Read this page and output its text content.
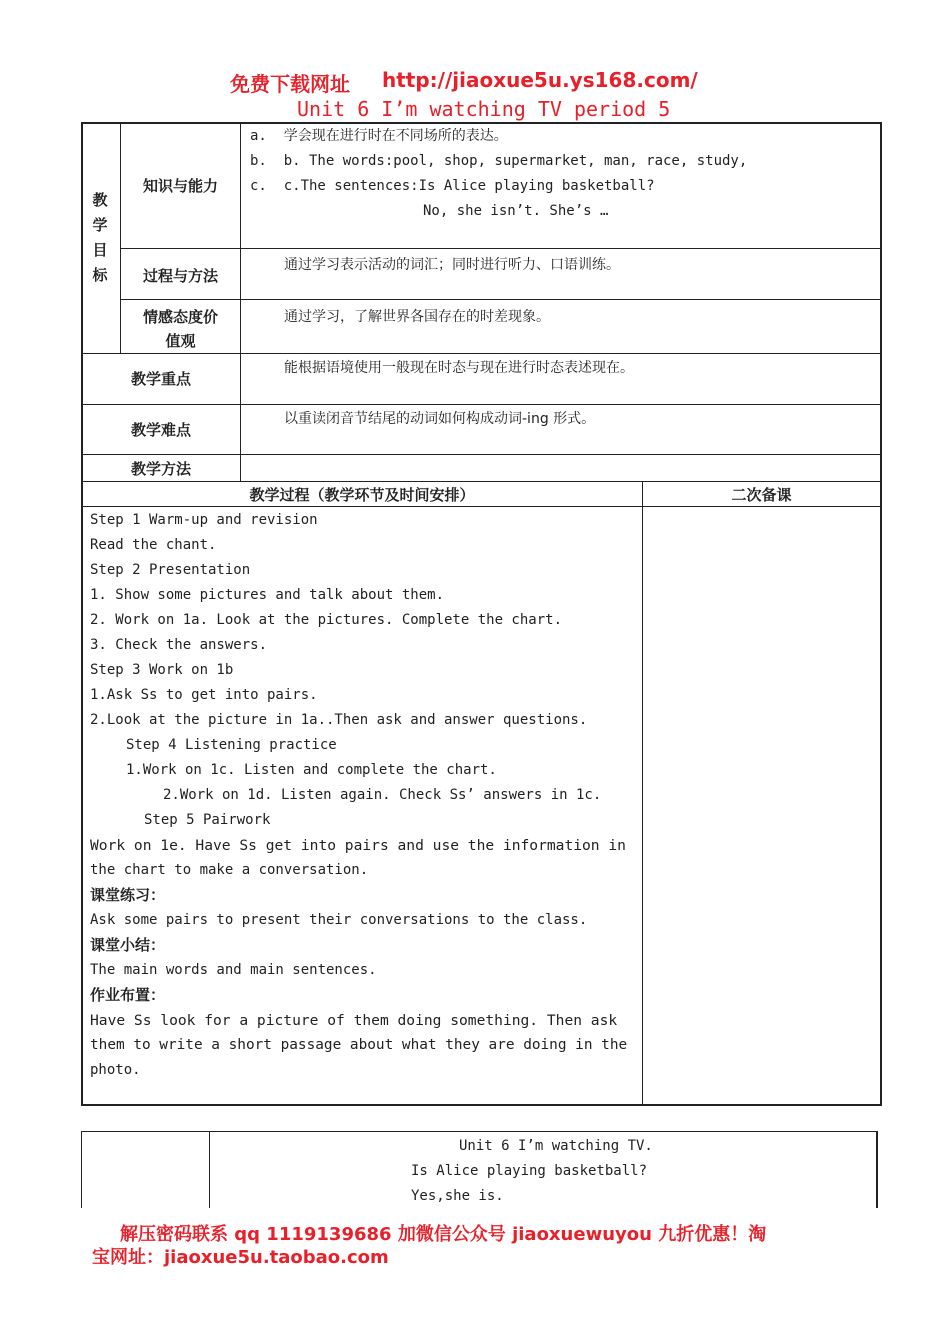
免费下载网址 http://jiaoxue5u.ys168.com/
Unit 6 I’m watching TV period 5
教
学
目
标
知识与能力
a.  学会现在进行时在不同场所的表达。
b.  b. The words:pool, shop, supermarket, man, race, study,
c.  c.The sentences:Is Alice playing basketball?
No, she isn’t. She’s …
过程与方法
通过学习表示活动的词汇；同时进行听力、口语训练。
情感态度价
值观
通过学习，了解世界各国存在的时差现象。
教学重点
能根据语境使用一般现在时态与现在进行时态表述现在。
教学难点
以重读闭音节结尾的动词如何构成动词-ing 形式。
教学方法
教学过程（教学环节及时间安排）	二次备课
Step 1 Warm-up and revision
Read the chant.
Step 2 Presentation
1. Show some pictures and talk about them.
2. Work on 1a. Look at the pictures. Complete the chart.
3. Check the answers.
Step 3 Work on 1b
1.Ask Ss to get into pairs.
2.Look at the picture in 1a..Then ask and answer questions.
Step 4 Listening practice
1.Work on 1c. Listen and complete the chart.
2.Work on 1d. Listen again. Check Ss’ answers in 1c.
Step 5 Pairwork
Work on 1e. Have Ss get into pairs and use the information in
the chart to make a conversation.
课堂练习：
Ask some pairs to present their conversations to the class.
课堂小结：
The main words and main sentences.
作业布置：
Have Ss look for a picture of them doing something. Then ask
them to write a short passage about what they are doing in the
photo.
Unit 6 I’m watching TV.
Is Alice playing basketball?
Yes,she is.
解压密码联系 qq 1119139686 加微信公众号 jiaoxuewuyou 九折优惠！淘
宝网址：jiaoxue5u.taobao.com
